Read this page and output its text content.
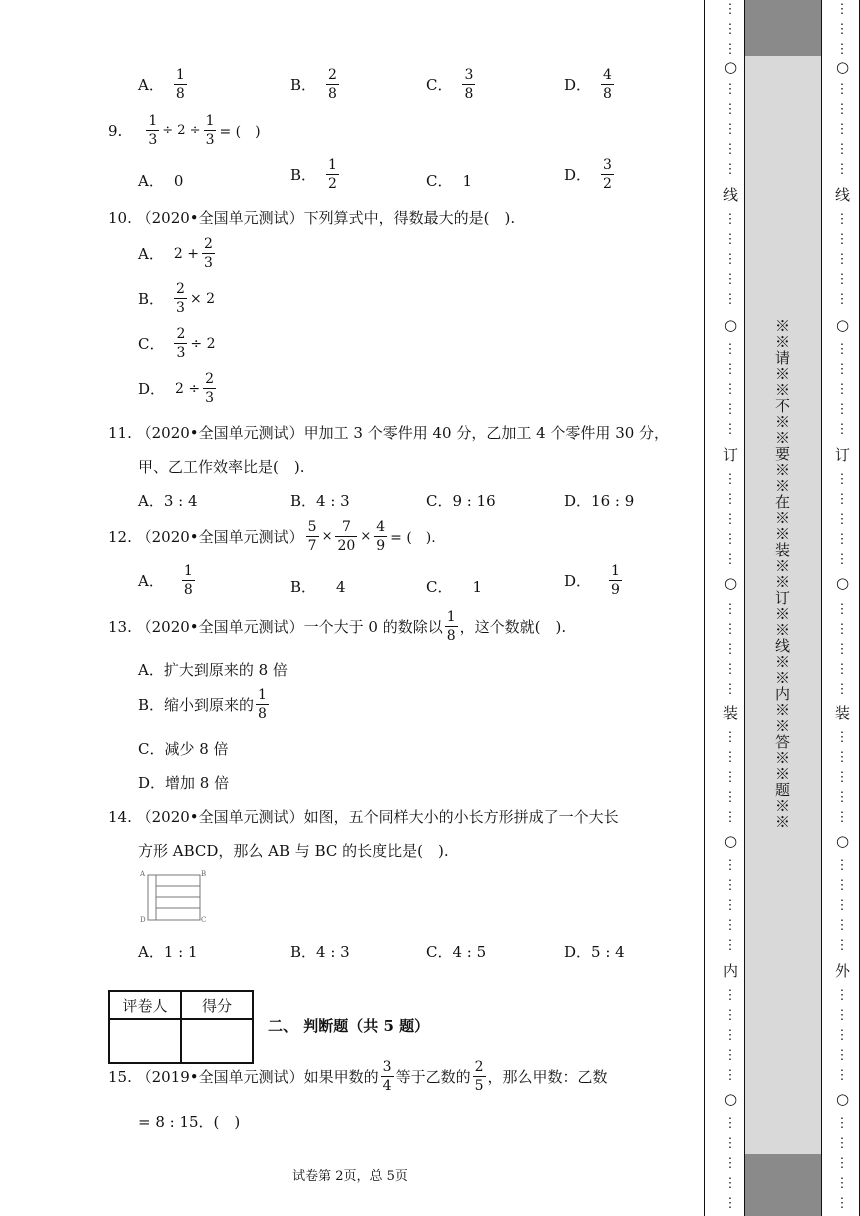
A． $\frac{1}{8}$	B． $\frac{2}{8}$	C． $\frac{3}{8}$	D． $\frac{4}{8}$
9. $\frac{1}{3} \div 2 \div \frac{1}{3}$ = (　)
A． 0	B． $\frac{1}{2}$	C． 1	D． $\frac{3}{2}$
10. （2020•全国单元测试）下列算式中，得数最大的是(　).
A． $2 + \frac{2}{3}$
B． $\frac{2}{3} \times 2$
C． $\frac{2}{3} \div 2$
D． $2 \div \frac{2}{3}$
11. （2020•全国单元测试）甲加工 3 个零件用 40 分，乙加工 4 个零件用 30 分，
甲、乙工作效率比是(　).
A．3 : 4	B．4 : 3	C．9 : 16	D．16 : 9
12. （2020•全国单元测试） $\frac{5}{7} \times \frac{7}{20} \times \frac{4}{9}$ = (　).
A． $\frac{1}{8}$	B． 4	C． 1	D． $\frac{1}{9}$
13. （2020•全国单元测试）一个大于 0 的数除以 $\frac{1}{8}$ ，这个数就(　).
A．扩大到原来的 8 倍
B．缩小到原来的 $\frac{1}{8}$
C．减少 8 倍
D．增加 8 倍
14. （2020•全国单元测试）如图，五个同样大小的小长方形拼成了一个大长
方形 ABCD，那么 AB 与 BC 的长度比是(　).
A	B
D	C
A．1 : 1	B．4 : 3	C．4 : 5	D．5 : 4
评卷人	得分

二、 判断题（共 5 题）
15. （2019•全国单元测试）如果甲数的 $\frac{3}{4}$ 等于乙数的 $\frac{2}{5}$ ，那么甲数：乙数
= 8 : 15．(　)
试卷第 2页，总 5页
⋮
⋮
⋮
○
⋮
⋮
⋮
⋮
⋮
线
⋮
⋮
⋮
⋮
⋮
○
⋮
⋮
⋮
⋮
⋮
订
⋮
⋮
⋮
⋮
⋮
○
⋮
⋮
⋮
⋮
⋮
装
⋮
⋮
⋮
⋮
⋮
○
⋮
⋮
⋮
⋮
⋮
内
⋮
⋮
⋮
⋮
⋮
○
⋮
⋮
⋮
⋮
⋮
※※请※※不※※要※※在※※装※※订※※线※※内※※答※※题※※
⋮
⋮
⋮
○
⋮
⋮
⋮
⋮
⋮
线
⋮
⋮
⋮
⋮
⋮
○
⋮
⋮
⋮
⋮
⋮
订
⋮
⋮
⋮
⋮
⋮
○
⋮
⋮
⋮
⋮
⋮
装
⋮
⋮
⋮
⋮
⋮
○
⋮
⋮
⋮
⋮
⋮
外
⋮
⋮
⋮
⋮
⋮
○
⋮
⋮
⋮
⋮
⋮
